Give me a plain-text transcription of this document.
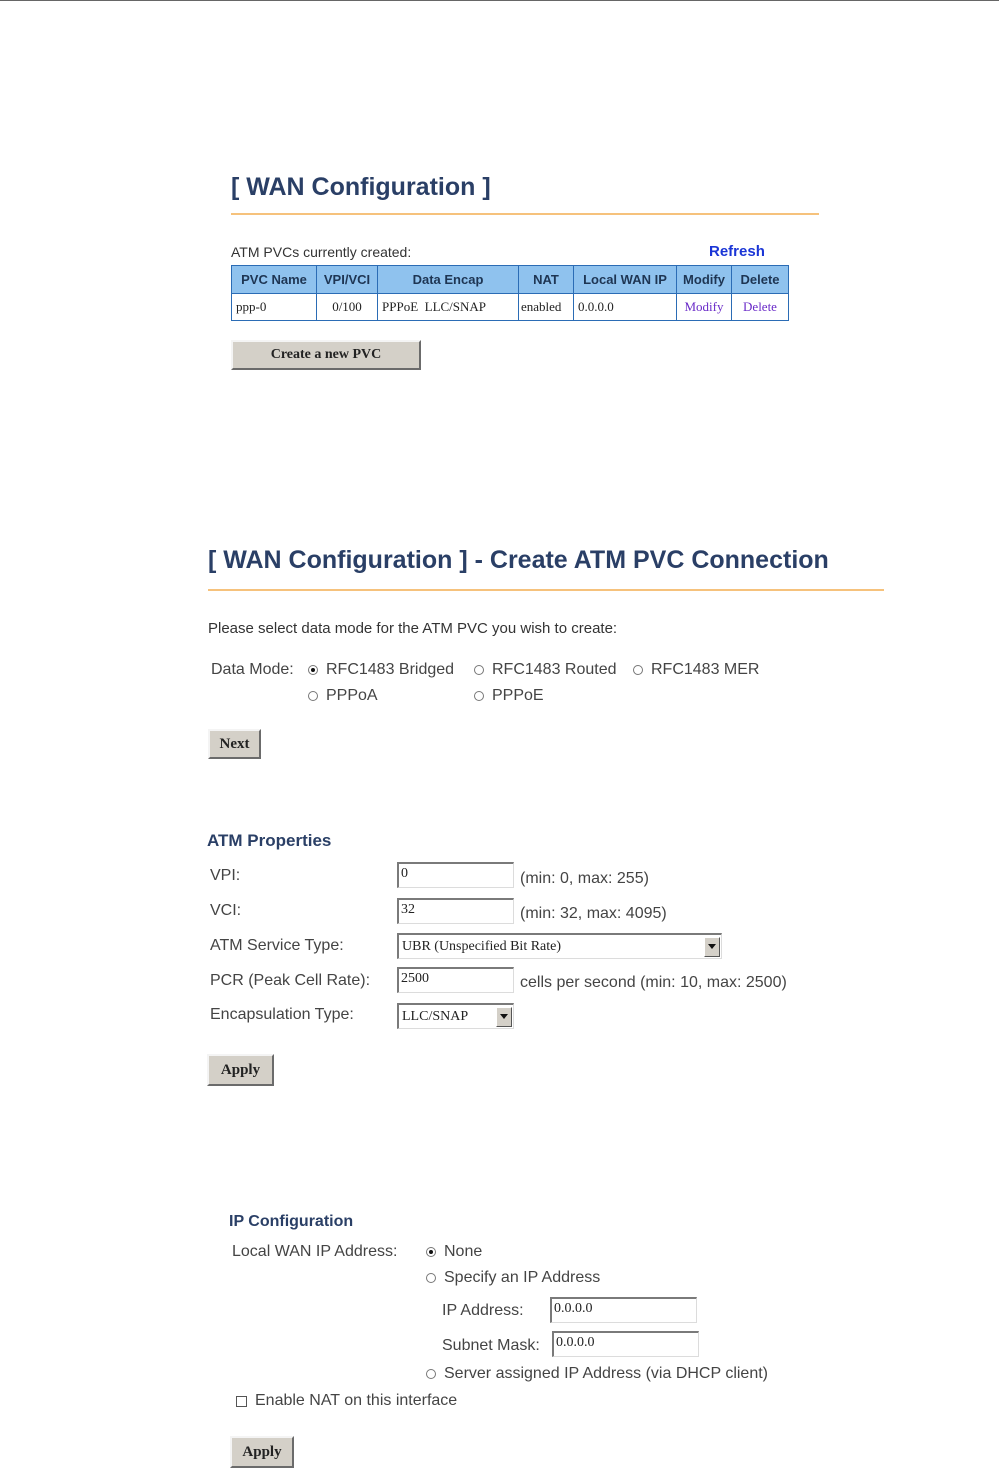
[ WAN Configuration ]
ATM PVCs currently created:	Refresh
PVC Name	VPI/VCI	Data Encap	NAT	Local WAN IP	Modify	Delete
ppp-0	0/100	PPPoE  LLC/SNAP	enabled	0.0.0.0	Modify	Delete
Create a new PVC
[ WAN Configuration ] - Create ATM PVC Connection
Please select data mode for the ATM PVC you wish to create:
Data Mode: RFC1483 Bridged RFC1483 Routed RFC1483 MER
PPPoA	PPPoE
Next
ATM Properties
VPI:	0	(min: 0, max: 255)
VCI:	32	(min: 32, max: 4095)
ATM Service Type:	UBR (Unspecified Bit Rate)
PCR (Peak Cell Rate): 2500	cells per second (min: 10, max: 2500)
Encapsulation Type:	LLC/SNAP
Apply
IP Configuration
Local WAN IP Address:	None
Specify an IP Address
IP Address: 0.0.0.0
Subnet Mask: 0.0.0.0
Server assigned IP Address (via DHCP client)
Enable NAT on this interface
Apply
